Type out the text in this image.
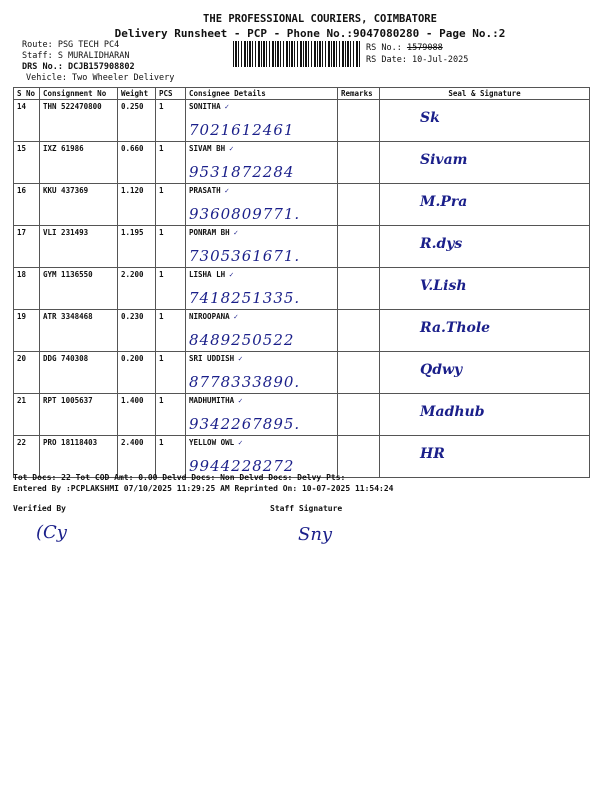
THE PROFESSIONAL COURIERS, COIMBATORE
Delivery Runsheet - PCP - Phone No.:9047080280 - Page No.:2
Route: PSG TECH PC4
Staff: S MURALIDHARAN
DRS No.: DCJB157908802
Vehicle: Two Wheeler Delivery
RS No.: 1579088
RS Date: 10-Jul-2025
S No	Consignment No	Weight	PCS	Consignee Details	Remarks	Seal & Signature
14	THN 522470800	0.250	1	SONITHA ✓
7021612461		Sk

15	IXZ 61986	0.660	1	SIVAM BH ✓
9531872284		Sivam

16	KKU 437369	1.120	1	PRASATH ✓
9360809771.		M.Pra

17	VLI 231493	1.195	1	PONRAM BH ✓
7305361671.		R.dys

18	GYM 1136550	2.200	1	LISHA LH ✓
7418251335.		V.Lish

19	ATR 3348468	0.230	1	NIROOPANA ✓
8489250522		Ra.Thole

20	DDG 740308	0.200	1	SRI UDDISH ✓
8778333890.		Qdwy

21	RPT 1005637	1.400	1	MADHUMITHA ✓
9342267895.		Madhub

22	PRO 18118403	2.400	1	YELLOW OWL ✓
9944228272		HR
Tot Docs: 22 Tot COD Amt: 0.00 Delvd Docs: Non Delvd Docs: Delvy Pts:
Entered By :PCPLAKSHMI 07/10/2025 11:29:25 AM Reprinted On: 10-07-2025 11:54:24
Verified By	Staff Signature
(Cy	Sny
